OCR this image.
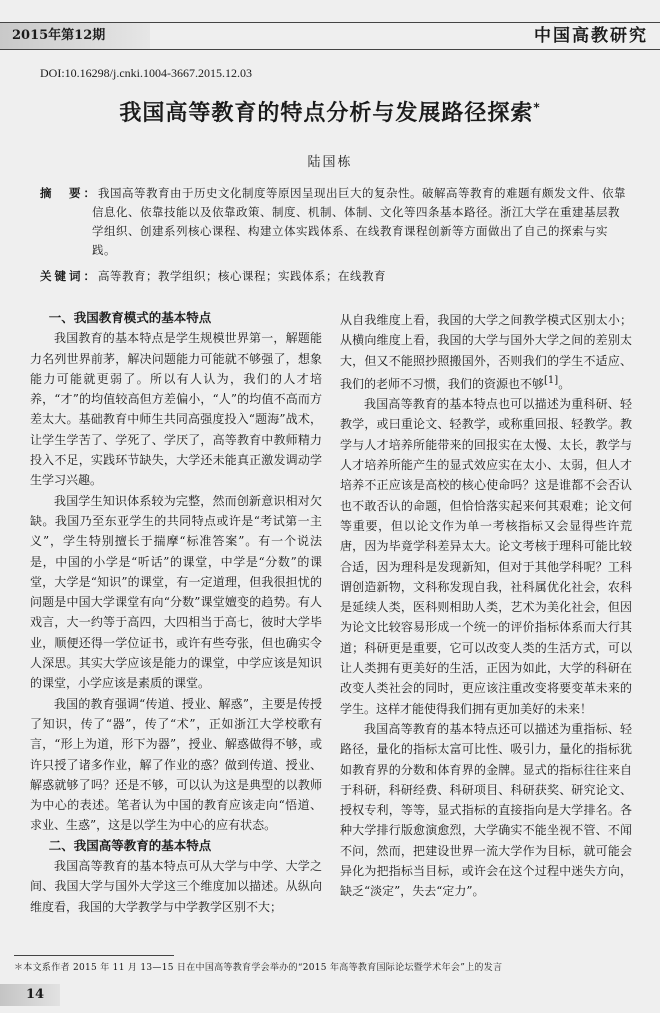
2015年第12期	中国高教研究
DOI:10.16298/j.cnki.1004-3667.2015.12.03
我国高等教育的特点分析与发展路径探索*
陆国栋
摘　要：我国高等教育由于历史文化制度等原因呈现出巨大的复杂性。破解高等教育的难题有颇发文件、依靠信息化、依靠技能以及依靠政策、制度、机制、体制、文化等四条基本路径。浙江大学在重建基层教学组织、创建系列核心课程、构建立体实践体系、在线教育课程创新等方面做出了自己的探索与实践。
关键词：高等教育；教学组织；核心课程；实践体系；在线教育
一、我国教育模式的基本特点

我国教育的基本特点是学生规模世界第一，解题能力名列世界前茅，解决问题能力可能就不够强了，想象能力可能就更弱了。所以有人认为，我们的人才培养，“才”的均值较高但方差偏小，“人”的均值不高而方差太大。基础教育中师生共同高强度投入“题海”战术，让学生学苦了、学死了、学厌了，高等教育中教师精力投入不足，实践环节缺失，大学还未能真正激发调动学生学习兴趣。

我国学生知识体系较为完整，然而创新意识相对欠缺。我国乃至东亚学生的共同特点或许是“考试第一主义”，学生特别擅长于揣摩“标准答案”。有一个说法是，中国的小学是“听话”的课堂，中学是“分数”的课堂，大学是“知识”的课堂，有一定道理，但我很担忧的问题是中国大学课堂有向“分数”课堂嬗变的趋势。有人戏言，大一约等于高四，大四相当于高七，彼时大学毕业，顺便还得一学位证书，或许有些夸张，但也确实令人深思。其实大学应该是能力的课堂，中学应该是知识的课堂，小学应该是素质的课堂。

我国的教育强调“传道、授业、解惑”，主要是传授了知识，传了“器”，传了“术”，正如浙江大学校歌有言，“形上为道，形下为器”，授业、解惑做得不够，或许只授了诸多作业，解了作业的惑？做到传道、授业、解惑就够了吗？还是不够，可以认为这是典型的以教师为中心的表述。笔者认为中国的教育应该走向“悟道、求业、生惑”，这是以学生为中心的应有状态。

二、我国高等教育的基本特点

我国高等教育的基本特点可从大学与中学、大学之间、我国大学与国外大学这三个维度加以描述。从纵向维度看，我国的大学教学与中学教学区别不大；

从自我维度上看，我国的大学之间教学模式区别太小；从横向维度上看，我国的大学与国外大学之间的差别太大，但又不能照抄照搬国外，否则我们的学生不适应、我们的老师不习惯，我们的资源也不够[1]。

我国高等教育的基本特点也可以描述为重科研、轻教学，或曰重论文、轻教学，或称重回报、轻教学。教学与人才培养所能带来的回报实在太慢、太长，教学与人才培养所能产生的显式效应实在太小、太弱，但人才培养不正应该是高校的核心使命吗？这是谁都不会否认也不敢否认的命题，但恰恰落实起来何其艰难；论文何等重要，但以论文作为单一考核指标又会显得些许荒唐，因为毕竟学科差异太大。论文考核于理科可能比较合适，因为理科是发现新知，但对于其他学科呢？工科谓创造新物，文科称发现自我，社科属优化社会，农科是延续人类，医科则相助人类，艺术为美化社会，但因为论文比较容易形成一个统一的评价指标体系而大行其道；科研更是重要，它可以改变人类的生活方式，可以让人类拥有更美好的生活，正因为如此，大学的科研在改变人类社会的同时，更应该注重改变将要变革未来的学生。这样才能使得我们拥有更加美好的未来！

我国高等教育的基本特点还可以描述为重指标、轻路径，量化的指标太富可比性、吸引力，量化的指标犹如教育界的分数和体育界的金牌。显式的指标往往来自于科研，科研经费、科研项目、科研获奖、研究论文、授权专利，等等，显式指标的直接指向是大学排名。各种大学排行版愈演愈烈，大学确实不能坐视不管、不闻不问，然而，把建设世界一流大学作为目标，就可能会异化为把指标当目标，或许会在这个过程中迷失方向，缺乏“淡定”，失去“定力”。

＊本文系作者 2015 年 11 月 13—15 日在中国高等教育学会举办的“2015 年高等教育国际论坛暨学术年会”上的发言
14
